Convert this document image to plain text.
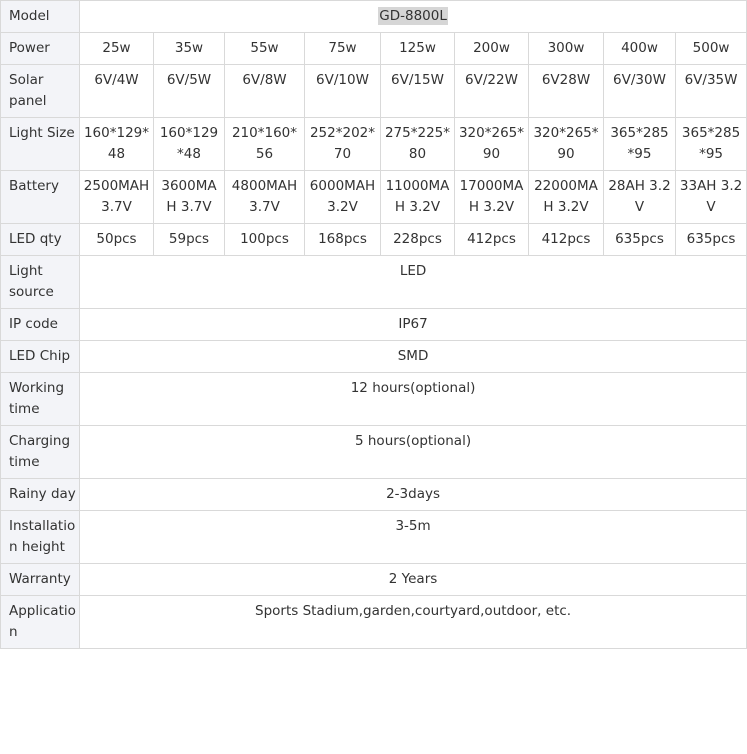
Model	GD-8800L								
Power	25w	35w	55w	75w	125w	200w	300w	400w	500w
Solar panel	6V/4W	6V/5W	6V/8W	6V/10W	6V/15W	6V/22W	6V28W	6V/30W	6V/35W
Light Size	160*129*48	160*129*48	210*160*56	252*202*70	275*225*80	320*265*90	320*265*90	365*285*95	365*285*95
Battery	2500MAH 3.7V	3600MAH 3.7V	4800MAH 3.7V	6000MAH 3.2V	11000MAH 3.2V	17000MAH 3.2V	22000MAH 3.2V	28AH 3.2V	33AH 3.2V
LED qty	50pcs	59pcs	100pcs	168pcs	228pcs	412pcs	412pcs	635pcs	635pcs
Light source	LED								
IP code	IP67								
LED Chip	SMD								
Working time	12 hours(optional)								
Charging time	5 hours(optional)								
Rainy day	2-3days								
Installation height	3-5m								
Warranty	2 Years								
Application	Sports Stadium,garden,courtyard,outdoor, etc.								
